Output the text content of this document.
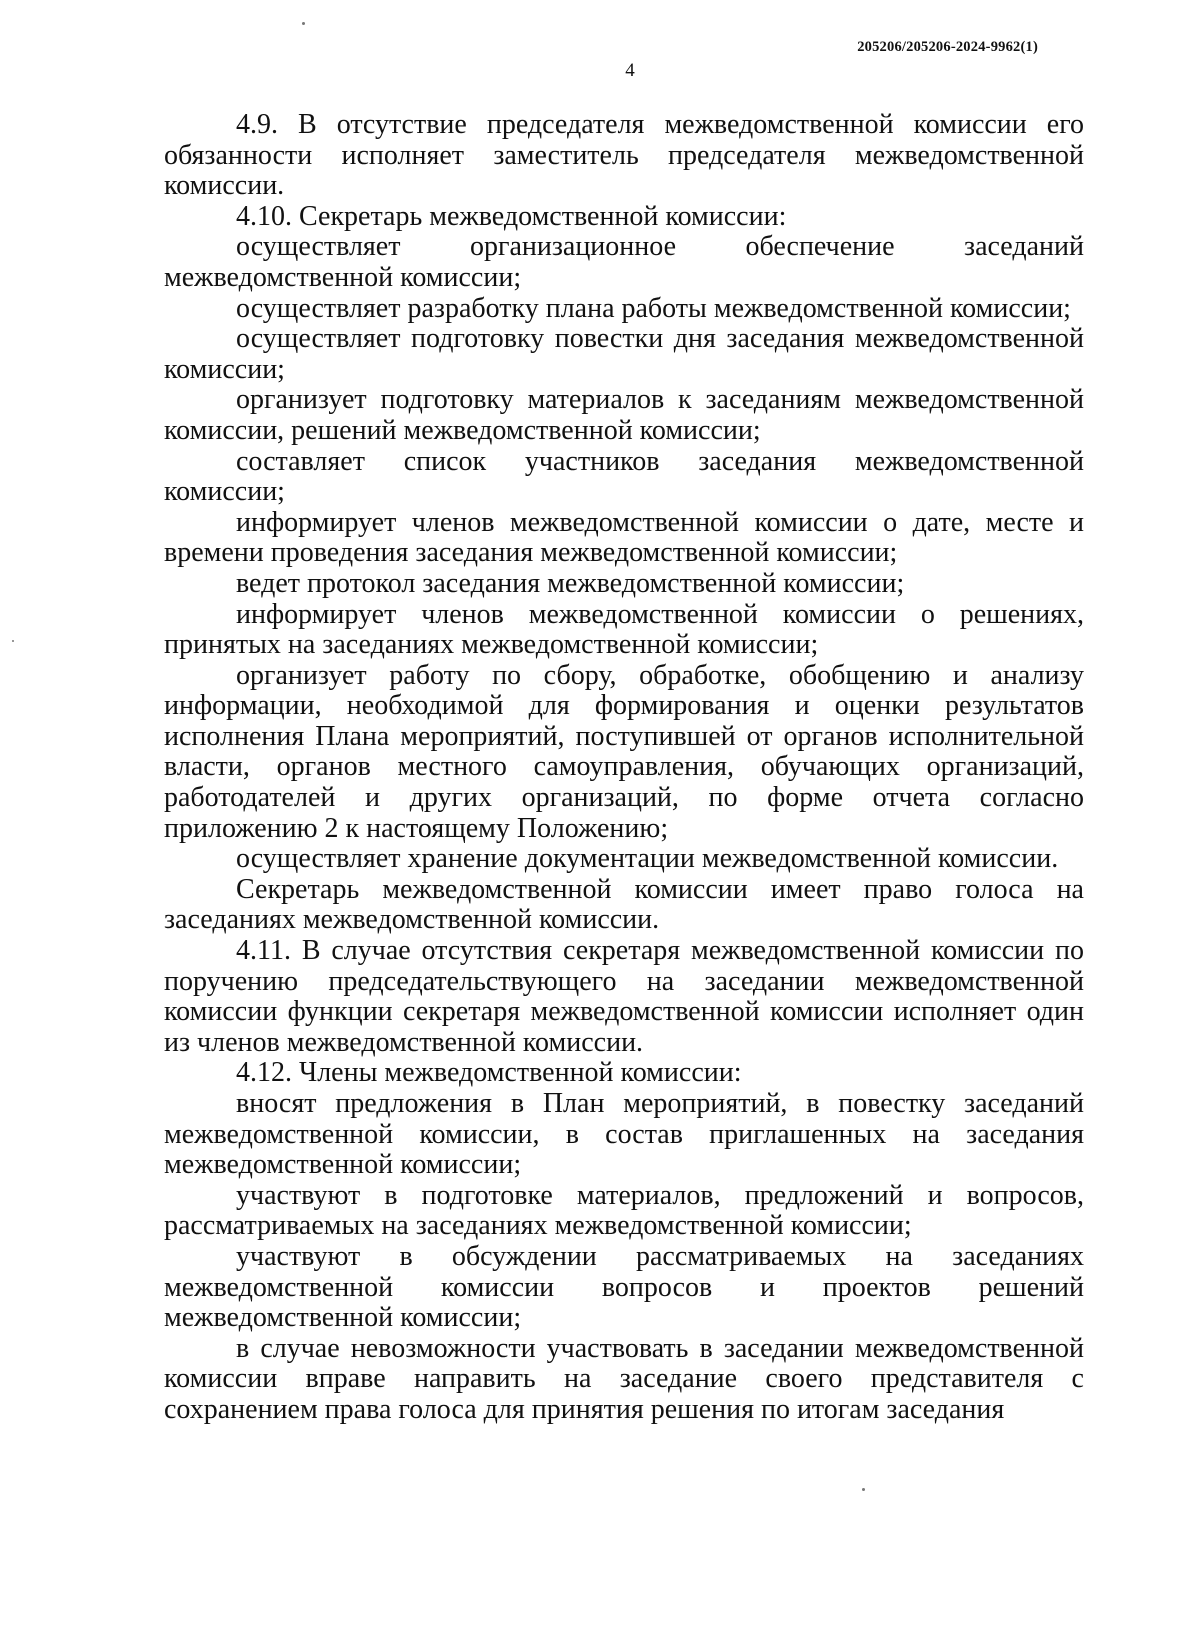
205206/205206-2024-9962(1)
4

4.9. В отсутствие председателя межведомственной комиссии его обязанности исполняет заместитель председателя межведомственной комиссии.

4.10. Секретарь межведомственной комиссии:

осуществляет организационное обеспечение заседаний межведомственной комиссии;

осуществляет разработку плана работы межведомственной комиссии;

осуществляет подготовку повестки дня заседания межведомственной комиссии;

организует подготовку материалов к заседаниям межведомственной комиссии, решений межведомственной комиссии;

составляет список участников заседания межведомственной комиссии;

информирует членов межведомственной комиссии о дате, месте и времени проведения заседания межведомственной комиссии;

ведет протокол заседания межведомственной комиссии;

информирует членов межведомственной комиссии о решениях, принятых на заседаниях межведомственной комиссии;

организует работу по сбору, обработке, обобщению и анализу информации, необходимой для формирования и оценки результатов исполнения Плана мероприятий, поступившей от органов исполнительной власти, органов местного самоуправления, обучающих организаций, работодателей и других организаций, по форме отчета согласно приложению 2 к настоящему Положению;

осуществляет хранение документации межведомственной комиссии.

Секретарь межведомственной комиссии имеет право голоса на заседаниях межведомственной комиссии.

4.11. В случае отсутствия секретаря межведомственной комиссии по поручению председательствующего на заседании межведомственной комиссии функции секретаря межведомственной комиссии исполняет один из членов межведомственной комиссии.

4.12. Члены межведомственной комиссии:

вносят предложения в План мероприятий, в повестку заседаний межведомственной комиссии, в состав приглашенных на заседания межведомственной комиссии;

участвуют в подготовке материалов, предложений и вопросов, рассматриваемых на заседаниях межведомственной комиссии;

участвуют в обсуждении рассматриваемых на заседаниях межведомственной комиссии вопросов и проектов решений межведомственной комиссии;

в случае невозможности участвовать в заседании межведомственной комиссии вправе направить на заседание своего представителя с сохранением права голоса для принятия решения по итогам заседания
